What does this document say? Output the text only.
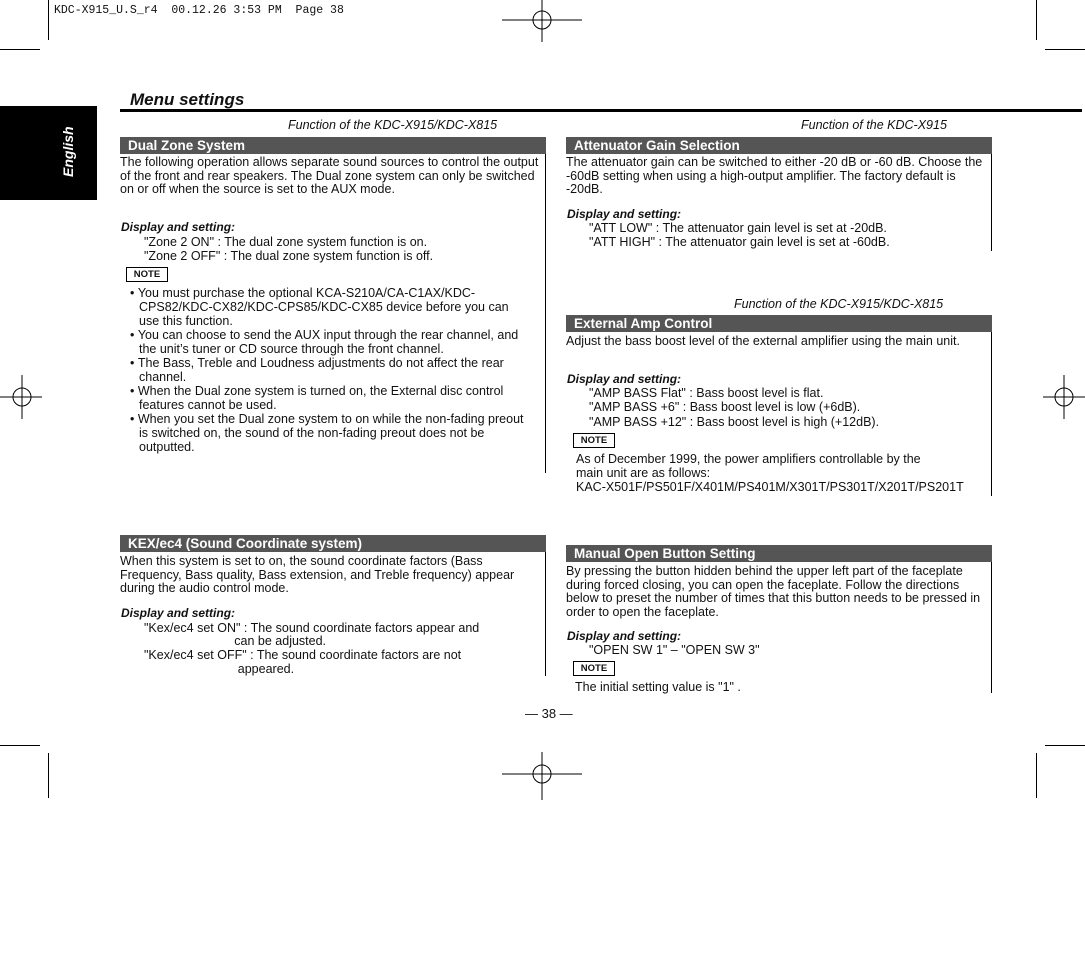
KDC-X915_U.S_r4  00.12.26 3:53 PM  Page 38
English
Menu settings
Function of the KDC-X915/KDC-X815
Dual Zone System
The following operation allows separate sound sources to control the output of the front and rear speakers. The Dual zone system can only be switched on or off when the source is set to the AUX mode.
Display and setting:
"Zone 2 ON" : The dual zone system function is on.
"Zone 2 OFF" : The dual zone system function is off.
NOTE
• You must purchase the optional KCA-S210A/CA-C1AX/KDC-CPS82/KDC-CX82/KDC-CPS85/KDC-CX85 device before you can use this function.
• You can choose to send the AUX input through the rear channel, and the unit’s tuner or CD source through the front channel.
• The Bass, Treble and Loudness adjustments do not affect the rear channel.
• When the Dual zone system is turned on, the External disc control features cannot be used.
• When you set the Dual zone system to on while the non-fading preout is switched on, the sound of the non-fading preout does not be outputted.
KEX/ec4 (Sound Coordinate system)
When this system is set to on, the sound coordinate factors (Bass Frequency, Bass quality, Bass extension, and Treble frequency) appear during the audio control mode.
Display and setting:
"Kex/ec4 set ON" : The sound coordinate factors appear and
can be adjusted.
"Kex/ec4 set OFF" : The sound coordinate factors are not
appeared.
Function of the KDC-X915
Attenuator Gain Selection
The attenuator gain can be switched to either -20 dB or -60 dB. Choose the -60dB setting when using a high-output amplifier. The factory default is -20dB.
Display and setting:
"ATT LOW" : The attenuator gain level is set at -20dB.
"ATT HIGH" : The attenuator gain level is set at -60dB.
Function of the KDC-X915/KDC-X815
External Amp Control
Adjust the bass boost level of the external amplifier using the main unit.
Display and setting:
"AMP BASS Flat" : Bass boost level is flat.
"AMP BASS +6" : Bass boost level is low (+6dB).
"AMP BASS +12" : Bass boost level is high (+12dB).
NOTE
As of December 1999, the power amplifiers controllable by the
main unit are as follows:
KAC-X501F/PS501F/X401M/PS401M/X301T/PS301T/X201T/PS201T
Manual Open Button Setting
By pressing the button hidden behind the upper left part of the faceplate during forced closing, you can open the faceplate. Follow the directions below to preset the number of times that this button needs to be pressed in order to open the faceplate.
Display and setting:
"OPEN SW 1" – "OPEN SW 3"
NOTE
The initial setting value is "1" .
— 38 —
